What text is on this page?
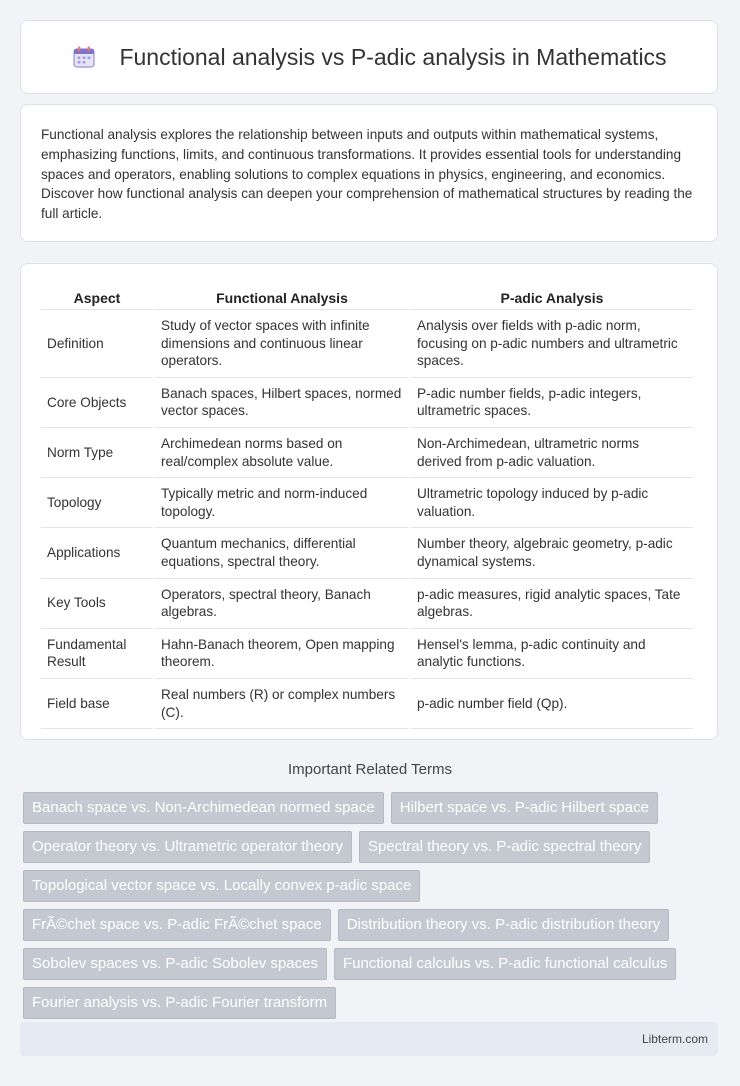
Functional analysis vs P-adic analysis in Mathematics

Functional analysis explores the relationship between inputs and outputs within mathematical systems, emphasizing functions, limits, and continuous transformations. It provides essential tools for understanding spaces and operators, enabling solutions to complex equations in physics, engineering, and economics. Discover how functional analysis can deepen your comprehension of mathematical structures by reading the full article.

Aspect	Functional Analysis	P-adic Analysis
Definition	Study of vector spaces with infinite dimensions and continuous linear operators.	Analysis over fields with p-adic norm, focusing on p-adic numbers and ultrametric spaces.
Core Objects	Banach spaces, Hilbert spaces, normed vector spaces.	P-adic number fields, p-adic integers, ultrametric spaces.
Norm Type	Archimedean norms based on real/complex absolute value.	Non-Archimedean, ultrametric norms derived from p-adic valuation.
Topology	Typically metric and norm-induced topology.	Ultrametric topology induced by p-adic valuation.
Applications	Quantum mechanics, differential equations, spectral theory.	Number theory, algebraic geometry, p-adic dynamical systems.
Key Tools	Operators, spectral theory, Banach algebras.	p-adic measures, rigid analytic spaces, Tate algebras.
Fundamental Result	Hahn-Banach theorem, Open mapping theorem.	Hensel's lemma, p-adic continuity and analytic functions.
Field base	Real numbers (R) or complex numbers (C).	p-adic number field (Qp).
Important Related Terms
Banach space vs. Non-Archimedean normed space	Hilbert space vs. P-adic Hilbert space
Operator theory vs. Ultrametric operator theory	Spectral theory vs. P-adic spectral theory
Topological vector space vs. Locally convex p-adic space
FrÃ©chet space vs. P-adic FrÃ©chet space	Distribution theory vs. P-adic distribution theory
Sobolev spaces vs. P-adic Sobolev spaces	Functional calculus vs. P-adic functional calculus
Fourier analysis vs. P-adic Fourier transform
Libterm.com
